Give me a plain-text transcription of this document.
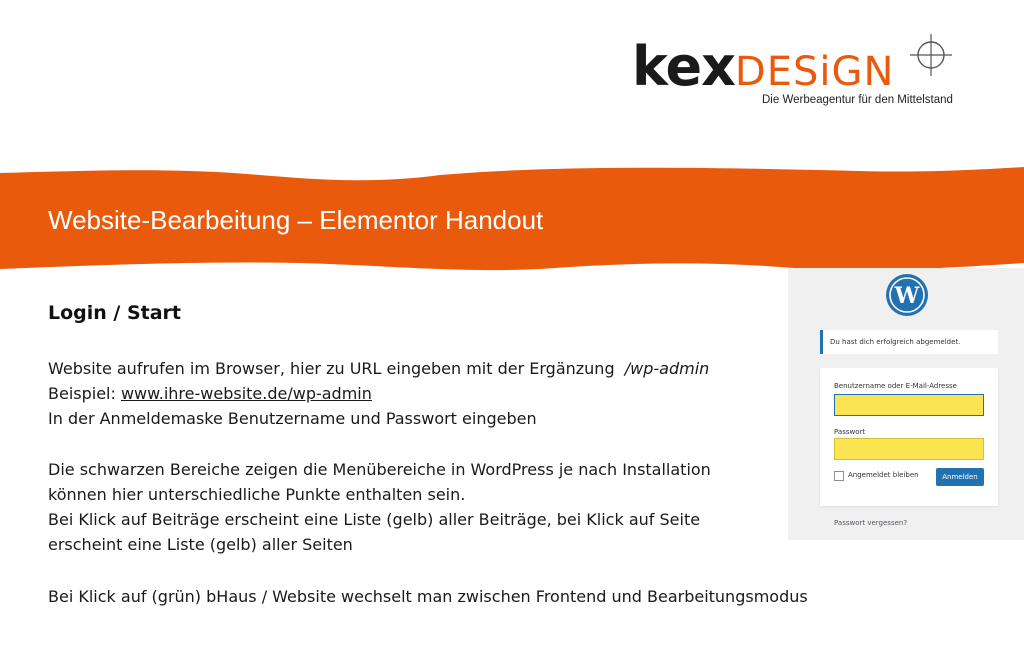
kexDESiGN
Die Werbeagentur für den Mittelstand
Website-Bearbeitung – Elementor Handout
Login / Start
Website aufrufen im Browser, hier zu URL eingeben mit der Ergänzung /wp-admin
Beispiel: www.ihre-website.de/wp-admin
In der Anmeldemaske Benutzername und Passwort eingeben
Die schwarzen Bereiche zeigen die Menübereiche in WordPress je nach Installation
können hier unterschiedliche Punkte enthalten sein.
Bei Klick auf Beiträge erscheint eine Liste (gelb) aller Beiträge, bei Klick auf Seite
erscheint eine Liste (gelb) aller Seiten
Bei Klick auf (grün) bHaus / Website wechselt man zwischen Frontend und Bearbeitungsmodus
W
Du hast dich erfolgreich abgemeldet.
Benutzername oder E-Mail-Adresse
Passwort
Angemeldet bleiben	Anmelden
Passwort vergessen?
